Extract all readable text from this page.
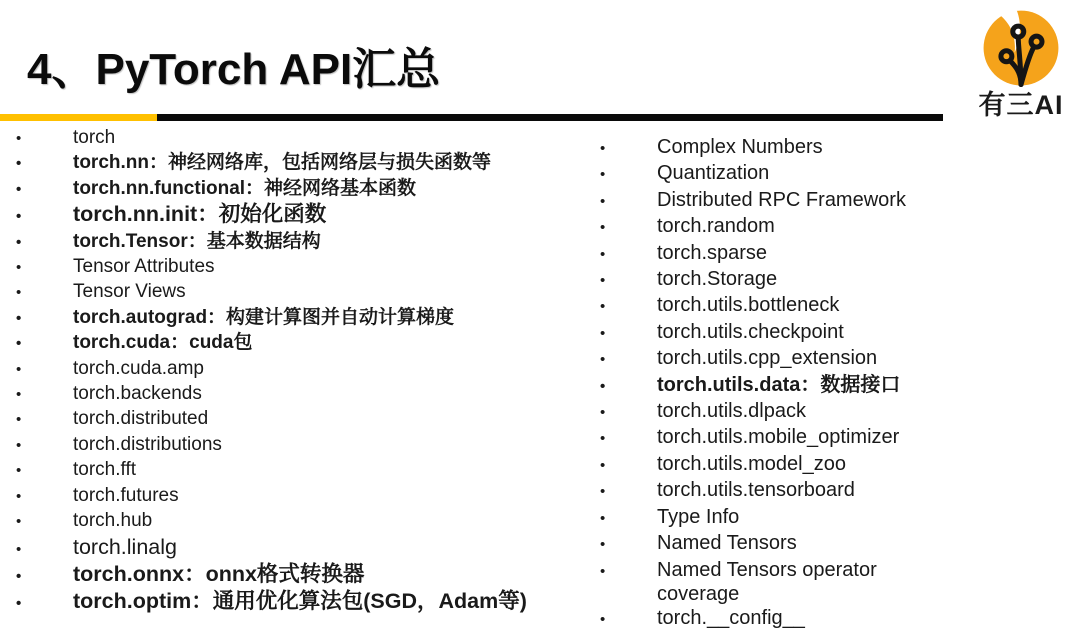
4、PyTorch API汇总
有三AI
•	torch
•	torch.nn：神经网络库，包括网络层与损失函数等
•	torch.nn.functional：神经网络基本函数
•	torch.nn.init：初始化函数
•	torch.Tensor：基本数据结构
•	Tensor Attributes
•	Tensor Views
•	torch.autograd：构建计算图并自动计算梯度
•	torch.cuda：cuda包
•	torch.cuda.amp
•	torch.backends
•	torch.distributed
•	torch.distributions
•	torch.fft
•	torch.futures
•	torch.hub
•	torch.linalg
•	torch.onnx：onnx格式转换器
•	torch.optim：通用优化算法包(SGD，Adam等)
•	Complex Numbers
•	Quantization
•	Distributed RPC Framework
•	torch.random
•	torch.sparse
•	torch.Storage
•	torch.utils.bottleneck
•	torch.utils.checkpoint
•	torch.utils.cpp_extension
•	torch.utils.data：数据接口
•	torch.utils.dlpack
•	torch.utils.mobile_optimizer
•	torch.utils.model_zoo
•	torch.utils.tensorboard
•	Type Info
•	Named Tensors
•	Named Tensors operator coverage
•	torch.__config__
